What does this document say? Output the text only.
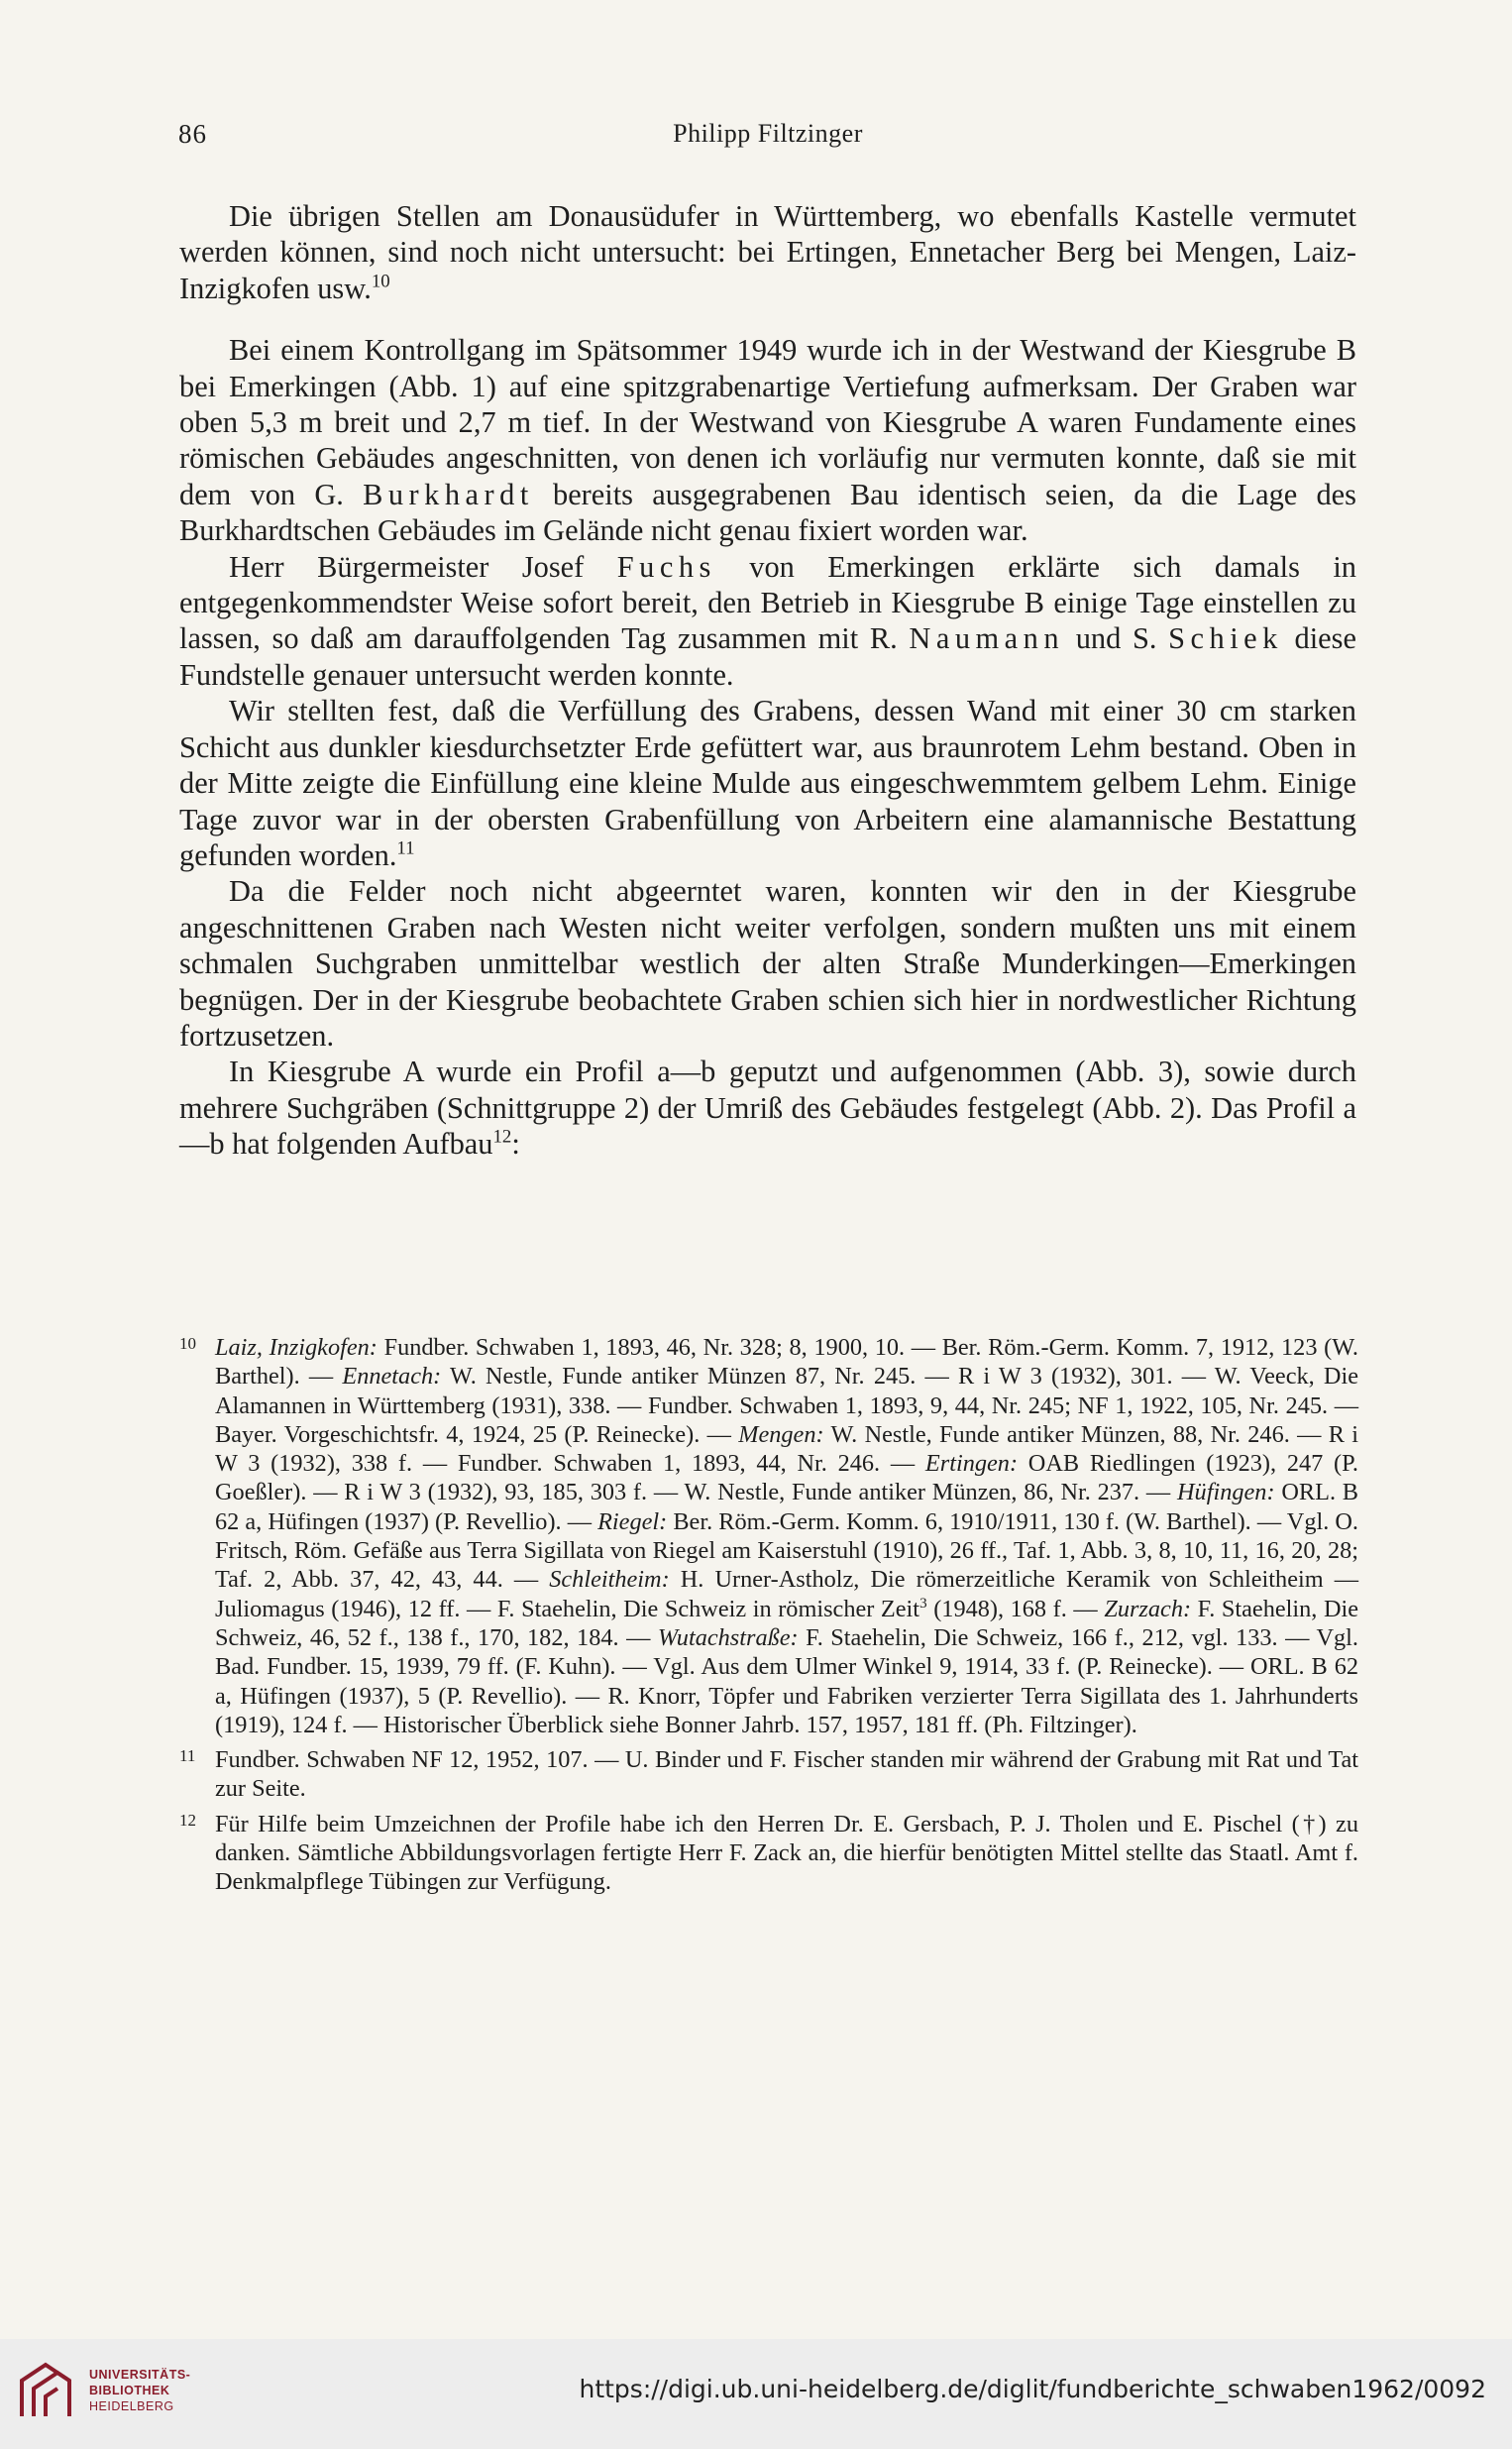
86	Philipp Filtzinger

Die übrigen Stellen am Donausüdufer in Württemberg, wo ebenfalls Kastelle vermutet werden können, sind noch nicht untersucht: bei Ertingen, Ennetacher Berg bei Mengen, Laiz-Inzigkofen usw.$^{10}$

Bei einem Kontrollgang im Spätsommer 1949 wurde ich in der Westwand der Kiesgrube B bei Emerkingen (Abb. 1) auf eine spitzgrabenartige Vertiefung aufmerksam. Der Graben war oben 5,3 m breit und 2,7 m tief. In der Westwand von Kiesgrube A waren Fundamente eines römischen Gebäudes angeschnitten, von denen ich vorläufig nur vermuten konnte, daß sie mit dem von G. Burkhardt bereits ausgegrabenen Bau identisch seien, da die Lage des Burkhardtschen Gebäudes im Gelände nicht genau fixiert worden war.

Herr Bürgermeister Josef Fuchs von Emerkingen erklärte sich damals in entgegenkommendster Weise sofort bereit, den Betrieb in Kiesgrube B einige Tage einstellen zu lassen, so daß am darauffolgenden Tag zusammen mit R. Naumann und S. Schiek diese Fundstelle genauer untersucht werden konnte.

Wir stellten fest, daß die Verfüllung des Grabens, dessen Wand mit einer 30 cm starken Schicht aus dunkler kiesdurchsetzter Erde gefüttert war, aus braunrotem Lehm bestand. Oben in der Mitte zeigte die Einfüllung eine kleine Mulde aus eingeschwemmtem gelbem Lehm. Einige Tage zuvor war in der obersten Grabenfüllung von Arbeitern eine alamannische Bestattung gefunden worden.$^{11}$

Da die Felder noch nicht abgeerntet waren, konnten wir den in der Kiesgrube angeschnittenen Graben nach Westen nicht weiter verfolgen, sondern mußten uns mit einem schmalen Suchgraben unmittelbar westlich der alten Straße Munderkingen—Emerkingen begnügen. Der in der Kiesgrube beobachtete Graben schien sich hier in nordwestlicher Richtung fortzusetzen.

In Kiesgrube A wurde ein Profil a—b geputzt und aufgenommen (Abb. 3), sowie durch mehrere Suchgräben (Schnittgruppe 2) der Umriß des Gebäudes festgelegt (Abb. 2). Das Profil a—b hat folgenden Aufbau$^{12}$:

10 Laiz, Inzigkofen: Fundber. Schwaben 1, 1893, 46, Nr. 328; 8, 1900, 10. — Ber. Röm.-Germ. Komm. 7, 1912, 123 (W. Barthel). — Ennetach: W. Nestle, Funde antiker Münzen 87, Nr. 245. — R i W 3 (1932), 301. — W. Veeck, Die Alamannen in Württemberg (1931), 338. — Fundber. Schwaben 1, 1893, 9, 44, Nr. 245; NF 1, 1922, 105, Nr. 245. — Bayer. Vorgeschichtsfr. 4, 1924, 25 (P. Reinecke). — Mengen: W. Nestle, Funde antiker Münzen, 88, Nr. 246. — R i W 3 (1932), 338 f. — Fundber. Schwaben 1, 1893, 44, Nr. 246. — Ertingen: OAB Riedlingen (1923), 247 (P. Goeßler). — R i W 3 (1932), 93, 185, 303 f. — W. Nestle, Funde antiker Münzen, 86, Nr. 237. — Hüfingen: ORL. B 62 a, Hüfingen (1937) (P. Revellio). — Riegel: Ber. Röm.-Germ. Komm. 6, 1910/1911, 130 f. (W. Barthel). — Vgl. O. Fritsch, Röm. Gefäße aus Terra Sigillata von Riegel am Kaiserstuhl (1910), 26 ff., Taf. 1, Abb. 3, 8, 10, 11, 16, 20, 28; Taf. 2, Abb. 37, 42, 43, 44. — Schleitheim: H. Urner-Astholz, Die römerzeitliche Keramik von Schleitheim — Juliomagus (1946), 12 ff. — F. Staehelin, Die Schweiz in römischer Zeit$^3$ (1948), 168 f. — Zurzach: F. Staehelin, Die Schweiz, 46, 52 f., 138 f., 170, 182, 184. — Wutachstraße: F. Staehelin, Die Schweiz, 166 f., 212, vgl. 133. — Vgl. Bad. Fundber. 15, 1939, 79 ff. (F. Kuhn). — Vgl. Aus dem Ulmer Winkel 9, 1914, 33 f. (P. Reinecke). — ORL. B 62 a, Hüfingen (1937), 5 (P. Revellio). — R. Knorr, Töpfer und Fabriken verzierter Terra Sigillata des 1. Jahrhunderts (1919), 124 f. — Historischer Überblick siehe Bonner Jahrb. 157, 1957, 181 ff. (Ph. Filtzinger).

11 Fundber. Schwaben NF 12, 1952, 107. — U. Binder und F. Fischer standen mir während der Grabung mit Rat und Tat zur Seite.

12 Für Hilfe beim Umzeichnen der Profile habe ich den Herren Dr. E. Gersbach, P. J. Tholen und E. Pischel (†) zu danken. Sämtliche Abbildungsvorlagen fertigte Herr F. Zack an, die hierfür benötigten Mittel stellte das Staatl. Amt f. Denkmalpflege Tübingen zur Verfügung.

UNIVERSITÄTS-
BIBLIOTHEK
HEIDELBERG
https://digi.ub.uni-heidelberg.de/diglit/fundberichte_schwaben1962/0092
